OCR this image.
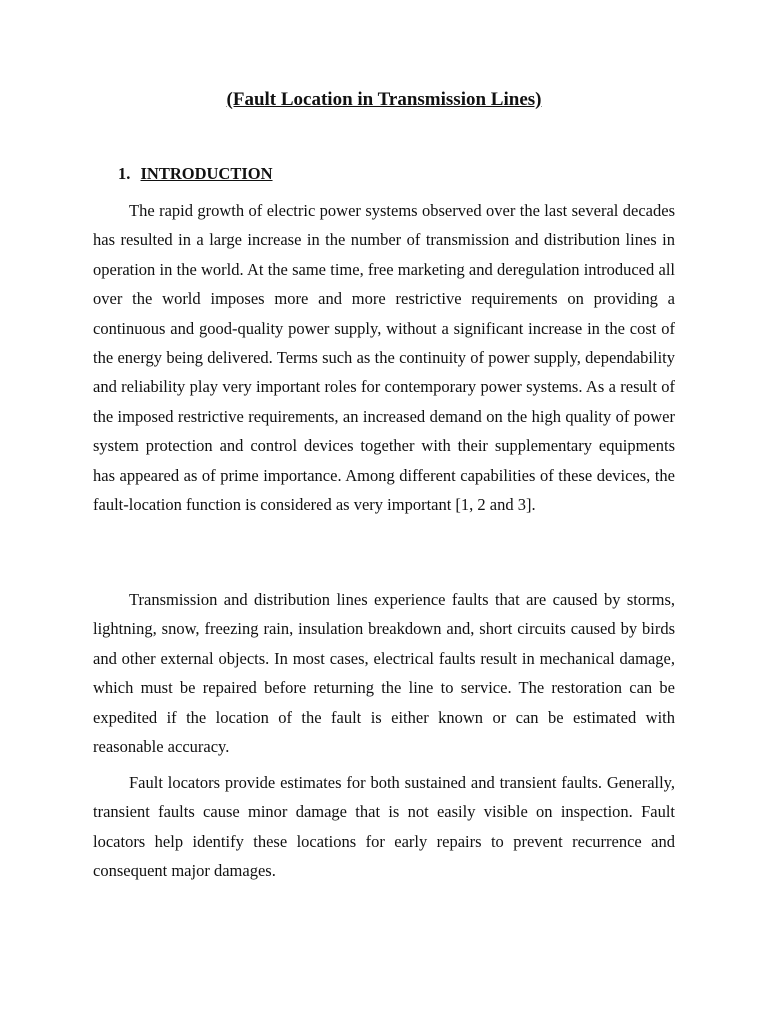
(Fault Location in Transmission Lines)
1. INTRODUCTION

The rapid growth of electric power systems observed over the last several decades has resulted in a large increase in the number of transmission and distribution lines in operation in the world. At the same time, free marketing and deregulation introduced all over the world imposes more and more restrictive requirements on providing a continuous and good-quality power supply, without a significant increase in the cost of the energy being delivered. Terms such as the continuity of power supply, dependability and reliability play very important roles for contemporary power systems. As a result of the imposed restrictive requirements, an increased demand on the high quality of power system protection and control devices together with their supplementary equipments has appeared as of prime importance. Among different capabilities of these devices, the fault-location function is considered as very important [1, 2 and 3].

Transmission and distribution lines experience faults that are caused by storms, lightning, snow, freezing rain, insulation breakdown and, short circuits caused by birds and other external objects. In most cases, electrical faults result in mechanical damage, which must be repaired before returning the line to service. The restoration can be expedited if the location of the fault is either known or can be estimated with reasonable accuracy.

Fault locators provide estimates for both sustained and transient faults. Generally, transient faults cause minor damage that is not easily visible on inspection. Fault locators help identify these locations for early repairs to prevent recurrence and consequent major damages.
